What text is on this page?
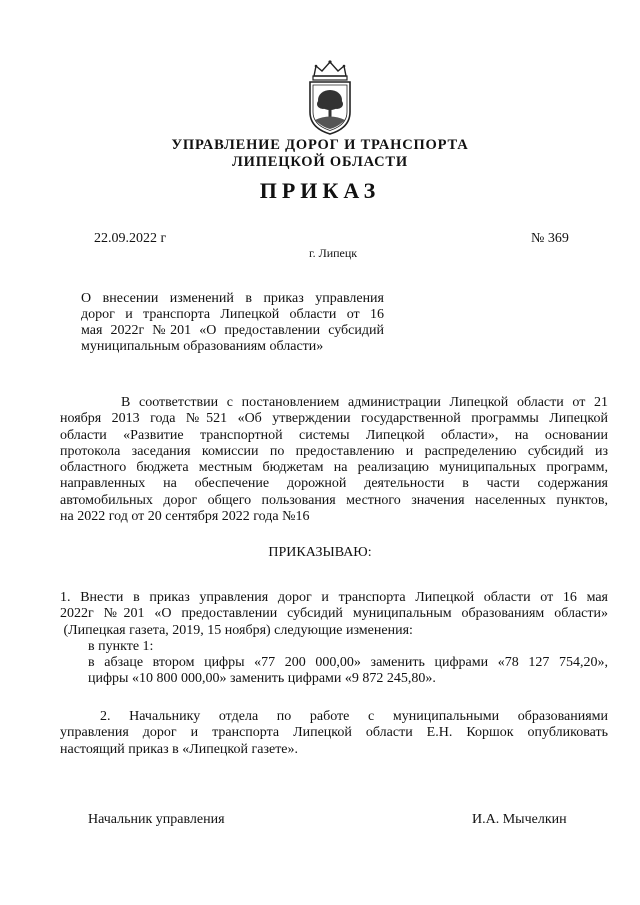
УПРАВЛЕНИЕ ДОРОГ И ТРАНСПОРТА
ЛИПЕЦКОЙ ОБЛАСТИ
ПРИКАЗ
22.09.2022 г	№ 369
г. Липецк
О внесении изменений в приказ управления
дорог и транспорта Липецкой области от 16
мая 2022г №201 «О предоставлении субсидий
муниципальным образованиям области»
В соответствии с постановлением администрации Липецкой области от 21
ноября 2013 года №521 «Об утверждении государственной программы Липецкой
области «Развитие транспортной системы Липецкой области», на основании
протокола заседания комиссии по предоставлению и распределению субсидий из
областного бюджета местным бюджетам на реализацию муниципальных программ,
направленных на обеспечение дорожной деятельности в части содержания
автомобильных дорог общего пользования местного значения населенных пунктов,
на 2022 год от 20 сентября 2022 года №16
ПРИКАЗЫВАЮ:
1. Внести в приказ управления дорог и транспорта Липецкой области от 16 мая
2022г №201 «О предоставлении субсидий муниципальным образованиям области»
(Липецкая газета, 2019, 15 ноября) следующие изменения:
в пункте 1:
в абзаце втором цифры «77 200 000,00» заменить цифрами «78 127 754,20»,
цифры «10 800 000,00» заменить цифрами «9 872 245,80».
2. Начальнику отдела по работе с муниципальными образованиями
управления дорог и транспорта Липецкой области Е.Н. Коршок опубликовать
настоящий приказ в «Липецкой газете».
Начальник управления	И.А. Мычелкин
